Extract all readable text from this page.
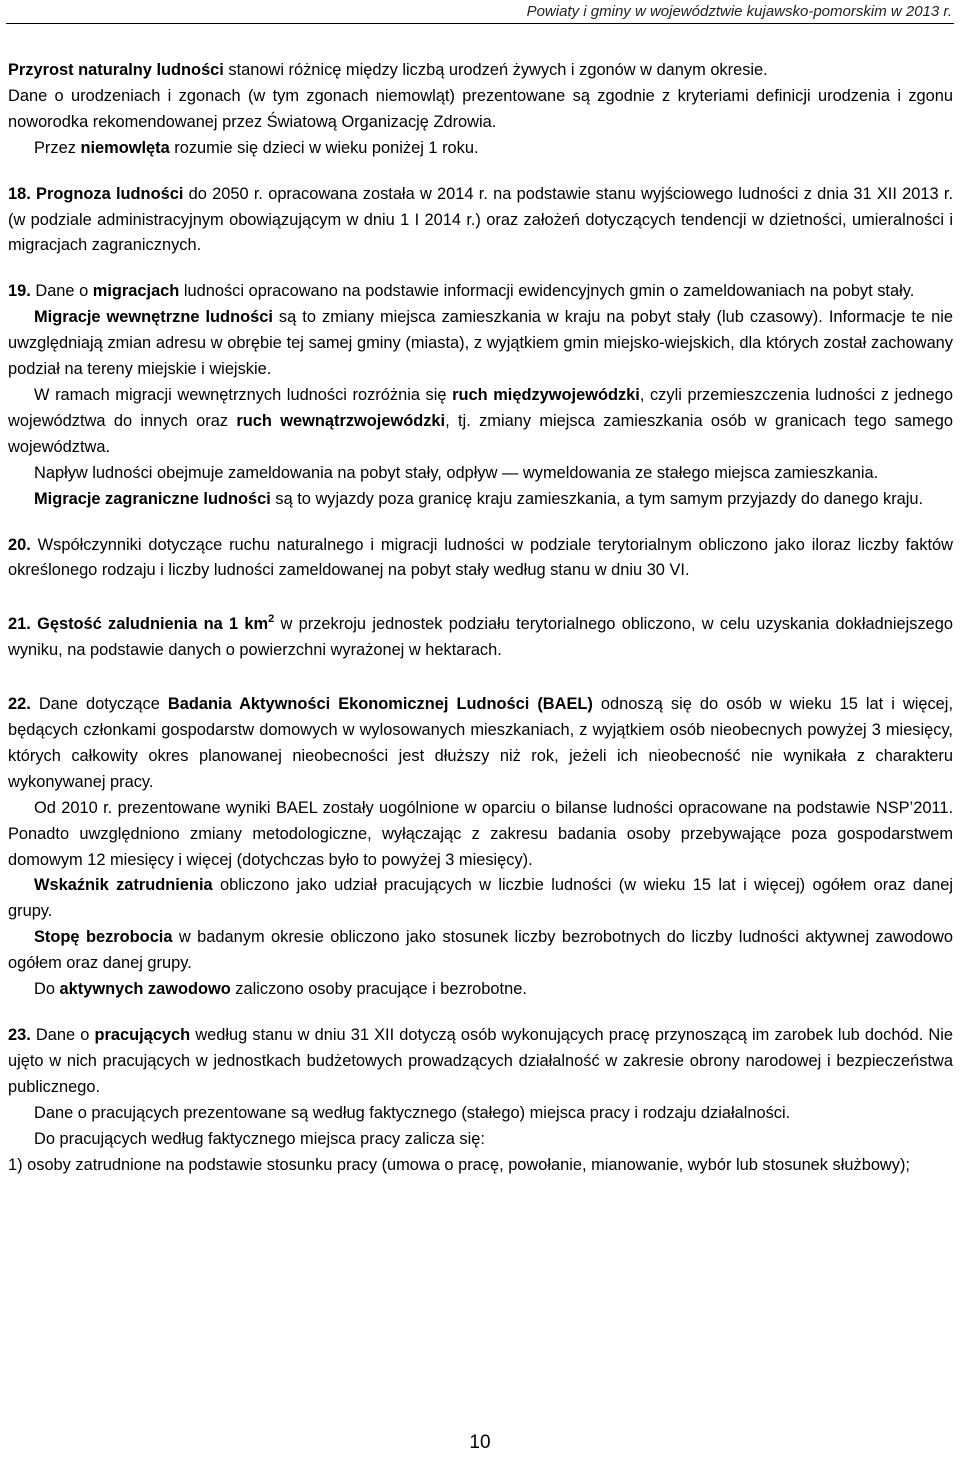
Powiaty i gminy w województwie kujawsko-pomorskim w 2013 r.

Przyrost naturalny ludności stanowi różnicę między liczbą urodzeń żywych i zgonów w danym okresie.

Dane o urodzeniach i zgonach (w tym zgonach niemowląt) prezentowane są zgodnie z kryteriami definicji urodzenia i zgonu noworodka rekomendowanej przez Światową Organizację Zdrowia.

Przez niemowlęta rozumie się dzieci w wieku poniżej 1 roku.

18. Prognoza ludności do 2050 r. opracowana została w 2014 r. na podstawie stanu wyjściowego ludności z dnia 31 XII 2013 r. (w podziale administracyjnym obowiązującym w dniu 1 I 2014 r.) oraz założeń dotyczących tendencji w dzietności, umieralności i migracjach zagranicznych.

19. Dane o migracjach ludności opracowano na podstawie informacji ewidencyjnych gmin o zameldowaniach na pobyt stały.

Migracje wewnętrzne ludności są to zmiany miejsca zamieszkania w kraju na pobyt stały (lub czasowy). Informacje te nie uwzględniają zmian adresu w obrębie tej samej gminy (miasta), z wyjątkiem gmin miejsko-wiejskich, dla których został zachowany podział na tereny miejskie i wiejskie.

W ramach migracji wewnętrznych ludności rozróżnia się ruch międzywojewódzki, czyli przemieszczenia ludności z jednego województwa do innych oraz ruch wewnątrzwojewódzki, tj. zmiany miejsca zamieszkania osób w granicach tego samego województwa.

Napływ ludności obejmuje zameldowania na pobyt stały, odpływ — wymeldowania ze stałego miejsca zamieszkania.

Migracje zagraniczne ludności są to wyjazdy poza granicę kraju zamieszkania, a tym samym przyjazdy do danego kraju.

20. Współczynniki dotyczące ruchu naturalnego i migracji ludności w podziale terytorialnym obliczono jako iloraz liczby faktów określonego rodzaju i liczby ludności zameldowanej na pobyt stały według stanu w dniu 30 VI.

21. Gęstość zaludnienia na 1 $km^2$ w przekroju jednostek podziału terytorialnego obliczono, w celu uzyskania dokładniejszego wyniku, na podstawie danych o powierzchni wyrażonej w hektarach.

22. Dane dotyczące Badania Aktywności Ekonomicznej Ludności (BAEL) odnoszą się do osób w wieku 15 lat i więcej, będących członkami gospodarstw domowych w wylosowanych mieszkaniach, z wyjątkiem osób nieobecnych powyżej 3 miesięcy, których całkowity okres planowanej nieobecności jest dłuższy niż rok, jeżeli ich nieobecność nie wynikała z charakteru wykonywanej pracy.

Od 2010 r. prezentowane wyniki BAEL zostały uogólnione w oparciu o bilanse ludności opracowane na podstawie NSP’2011. Ponadto uwzględniono zmiany metodologiczne, wyłączając z zakresu badania osoby przebywające poza gospodarstwem domowym 12 miesięcy i więcej (dotychczas było to powyżej 3 miesięcy).

Wskaźnik zatrudnienia obliczono jako udział pracujących w liczbie ludności (w wieku 15 lat i więcej) ogółem oraz danej grupy.

Stopę bezrobocia w badanym okresie obliczono jako stosunek liczby bezrobotnych do liczby ludności aktywnej zawodowo ogółem oraz danej grupy.

Do aktywnych zawodowo zaliczono osoby pracujące i bezrobotne.

23. Dane o pracujących według stanu w dniu 31 XII dotyczą osób wykonujących pracę przynoszącą im zarobek lub dochód. Nie ujęto w nich pracujących w jednostkach budżetowych prowadzących działalność w zakresie obrony narodowej i bezpieczeństwa publicznego.

Dane o pracujących prezentowane są według faktycznego (stałego) miejsca pracy i rodzaju działalności.

Do pracujących według faktycznego miejsca pracy zalicza się:

1) osoby zatrudnione na podstawie stosunku pracy (umowa o pracę, powołanie, mianowanie, wybór lub stosunek służbowy);

10
